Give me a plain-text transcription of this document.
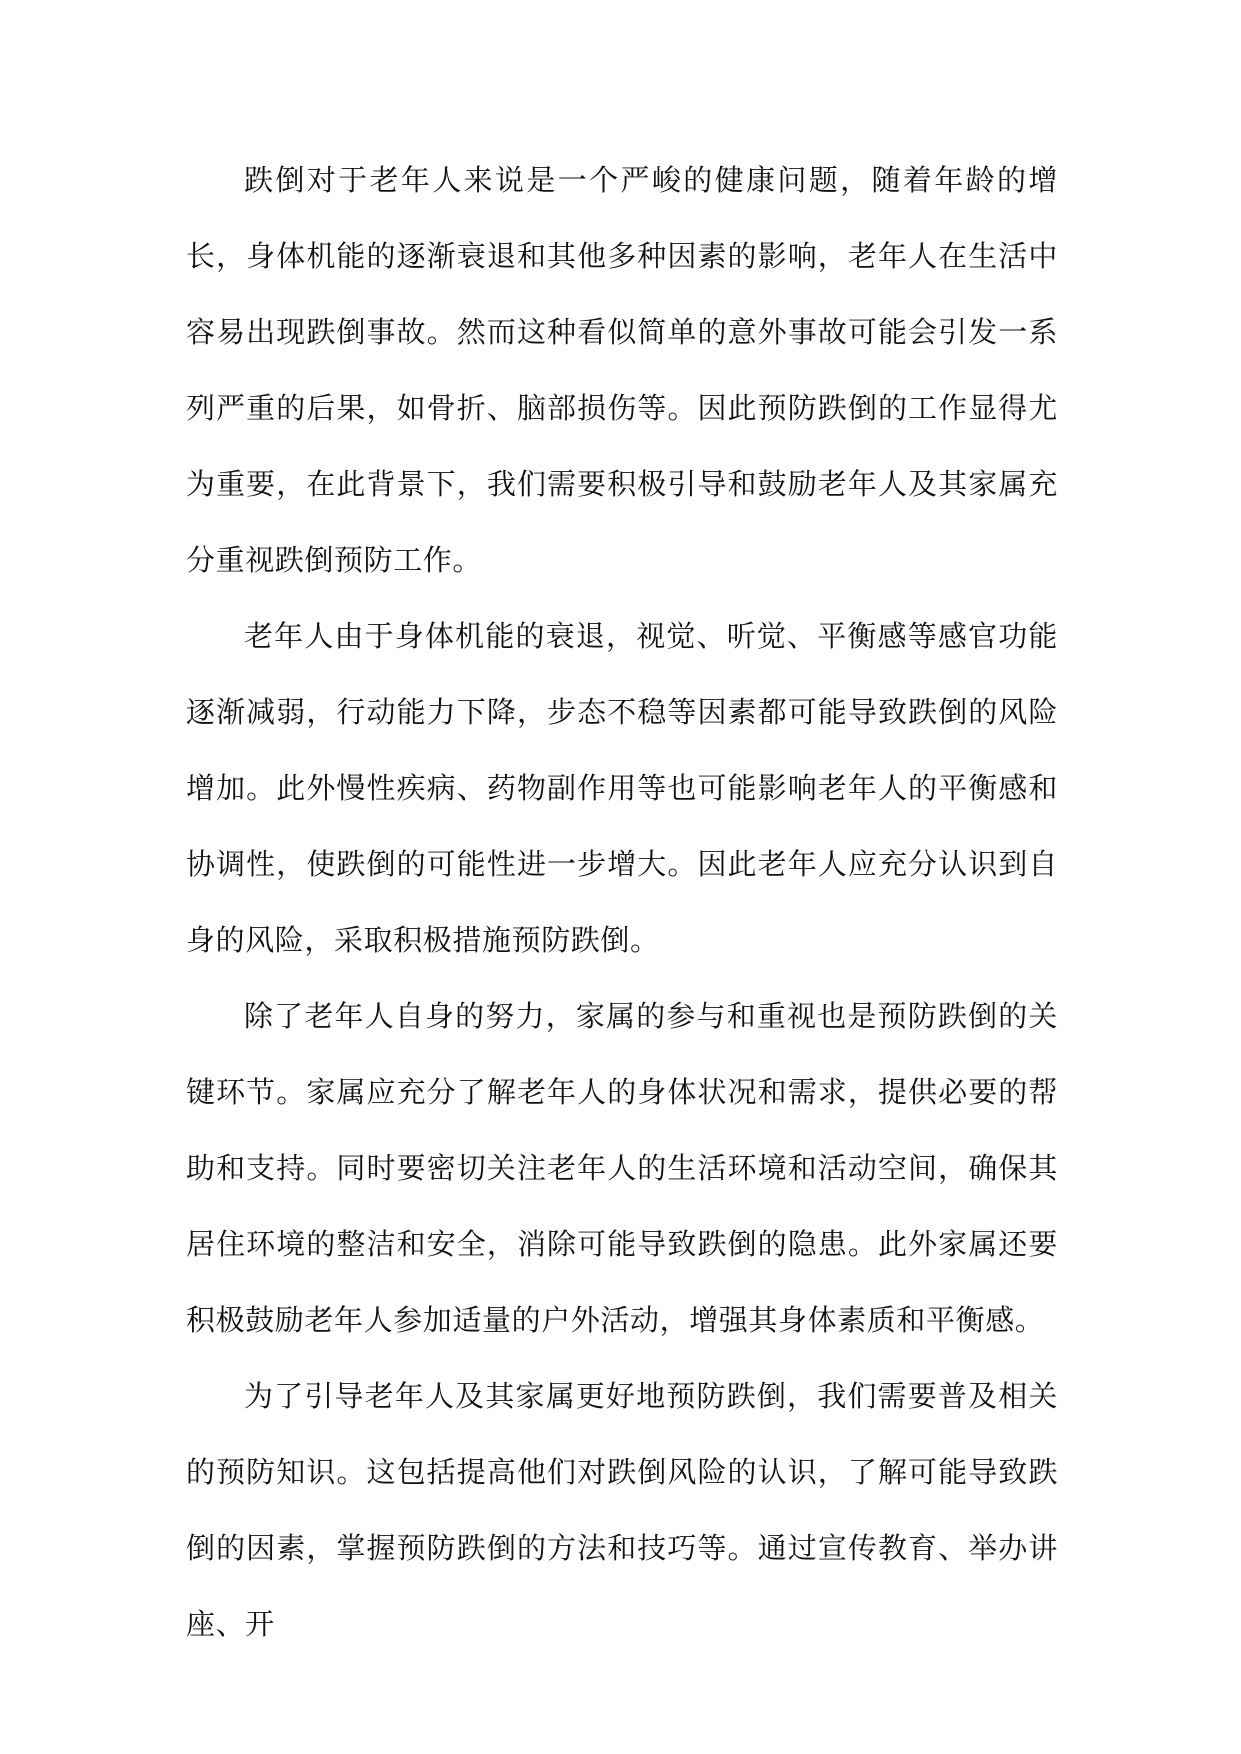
跌倒对于老年人来说是一个严峻的健康问题，随着年龄的增长，身体机能的逐渐衰退和其他多种因素的影响，老年人在生活中容易出现跌倒事故。然而这种看似简单的意外事故可能会引发一系列严重的后果，如骨折、脑部损伤等。因此预防跌倒的工作显得尤为重要，在此背景下，我们需要积极引导和鼓励老年人及其家属充分重视跌倒预防工作。

老年人由于身体机能的衰退，视觉、听觉、平衡感等感官功能逐渐减弱，行动能力下降，步态不稳等因素都可能导致跌倒的风险增加。此外慢性疾病、药物副作用等也可能影响老年人的平衡感和协调性，使跌倒的可能性进一步增大。因此老年人应充分认识到自身的风险，采取积极措施预防跌倒。

除了老年人自身的努力，家属的参与和重视也是预防跌倒的关键环节。家属应充分了解老年人的身体状况和需求，提供必要的帮助和支持。同时要密切关注老年人的生活环境和活动空间，确保其居住环境的整洁和安全，消除可能导致跌倒的隐患。此外家属还要积极鼓励老年人参加适量的户外活动，增强其身体素质和平衡感。

为了引导老年人及其家属更好地预防跌倒，我们需要普及相关的预防知识。这包括提高他们对跌倒风险的认识，了解可能导致跌倒的因素，掌握预防跌倒的方法和技巧等。通过宣传教育、举办讲座、开
